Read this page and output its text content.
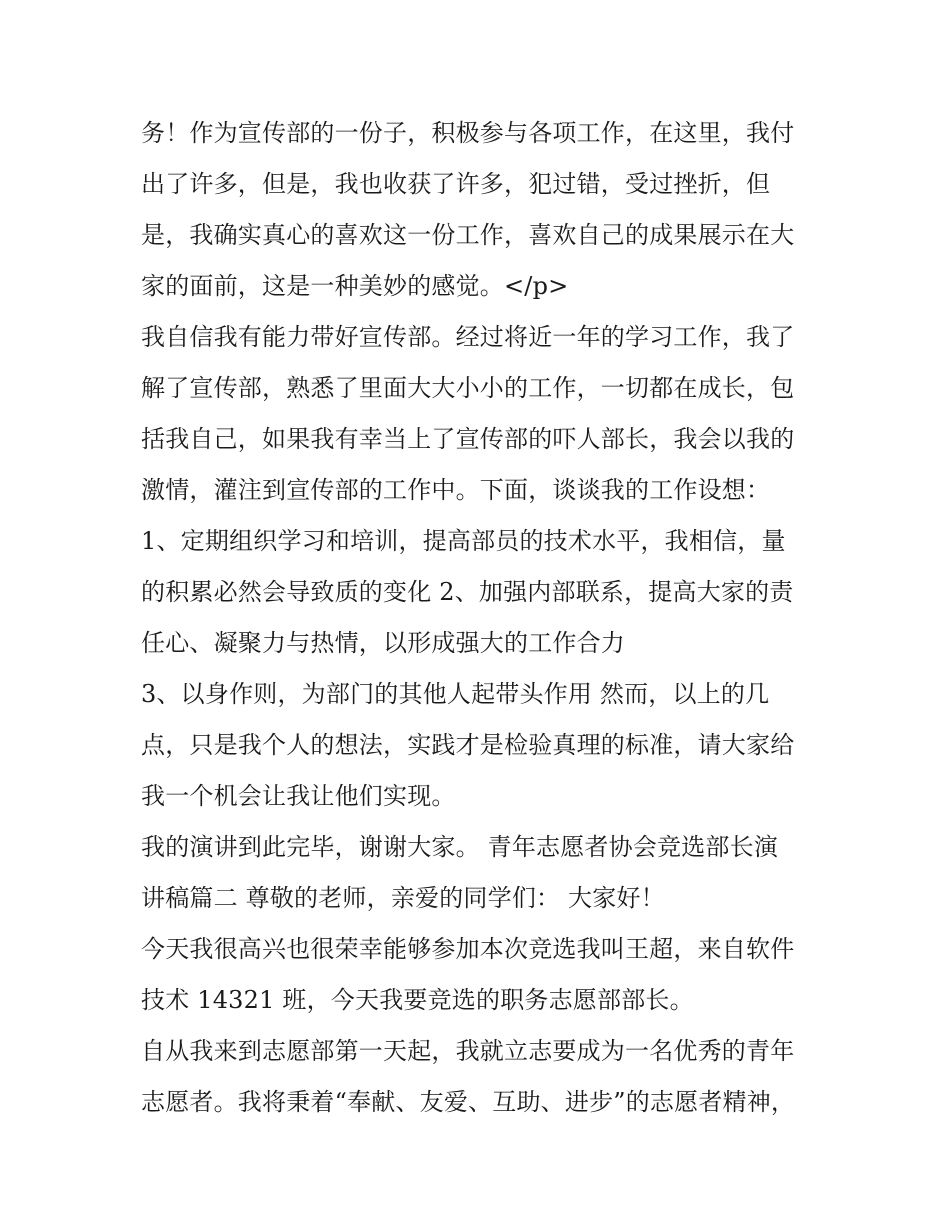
务！作为宣传部的一份子，积极参与各项工作，在这里，我付
出了许多，但是，我也收获了许多，犯过错，受过挫折，但
是，我确实真心的喜欢这一份工作，喜欢自己的成果展示在大
家的面前，这是一种美妙的感觉。</p>
我自信我有能力带好宣传部。经过将近一年的学习工作，我了
解了宣传部，熟悉了里面大大小小的工作，一切都在成长，包
括我自己，如果我有幸当上了宣传部的吓人部长，我会以我的
激情，灌注到宣传部的工作中。下面，谈谈我的工作设想：
1、定期组织学习和培训，提高部员的技术水平，我相信，量
的积累必然会导致质的变化 2、加强内部联系，提高大家的责
任心、凝聚力与热情，以形成强大的工作合力
3、以身作则，为部门的其他人起带头作用 然而，以上的几
点，只是我个人的想法，实践才是检验真理的标准，请大家给
我一个机会让我让他们实现。
我的演讲到此完毕，谢谢大家。 青年志愿者协会竞选部长演
讲稿篇二 尊敬的老师，亲爱的同学们： 大家好！
今天我很高兴也很荣幸能够参加本次竞选我叫王超，来自软件
技术 14321 班，今天我要竞选的职务志愿部部长。
自从我来到志愿部第一天起，我就立志要成为一名优秀的青年
志愿者。我将秉着“奉献、友爱、互助、进步”的志愿者精神，
